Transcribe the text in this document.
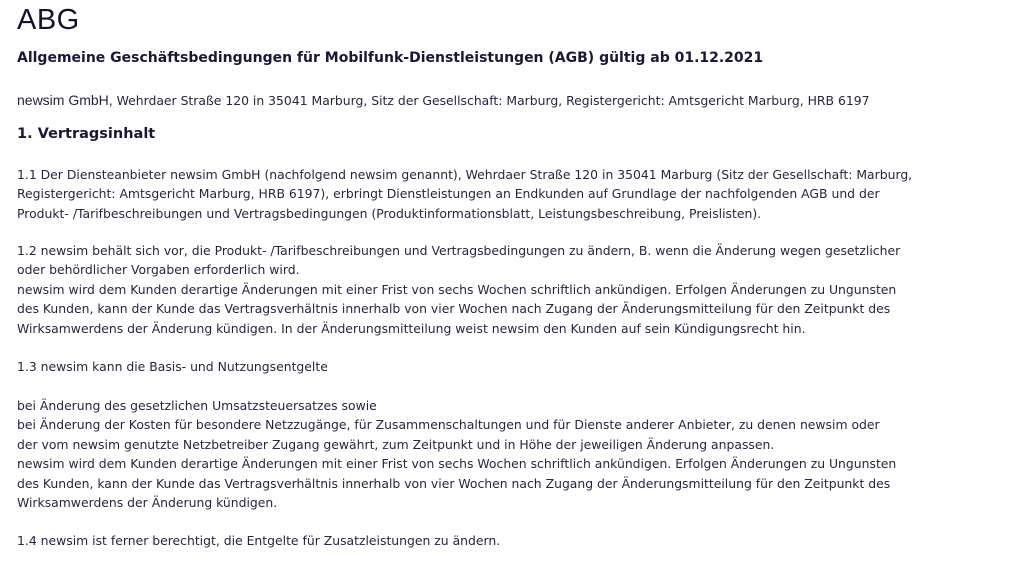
ABG
Allgemeine Geschäftsbedingungen für Mobilfunk-Dienstleistungen (AGB) gültig ab 01.12.2021
newsim GmbH, Wehrdaer Straße 120 in 35041 Marburg, Sitz der Gesellschaft: Marburg, Registergericht: Amtsgericht Marburg, HRB 6197
1. Vertragsinhalt
1.1 Der Diensteanbieter newsim GmbH (nachfolgend newsim genannt), Wehrdaer Straße 120 in 35041 Marburg (Sitz der Gesellschaft: Marburg,
Registergericht: Amtsgericht Marburg, HRB 6197), erbringt Dienstleistungen an Endkunden auf Grundlage der nachfolgenden AGB und der
Produkt- /Tarifbeschreibungen und Vertragsbedingungen (Produktinformationsblatt, Leistungsbeschreibung, Preislisten).
1.2 newsim behält sich vor, die Produkt- /Tarifbeschreibungen und Vertragsbedingungen zu ändern, B. wenn die Änderung wegen gesetzlicher
oder behördlicher Vorgaben erforderlich wird.
newsim wird dem Kunden derartige Änderungen mit einer Frist von sechs Wochen schriftlich ankündigen. Erfolgen Änderungen zu Ungunsten
des Kunden, kann der Kunde das Vertragsverhältnis innerhalb von vier Wochen nach Zugang der Änderungsmitteilung für den Zeitpunkt des
Wirksamwerdens der Änderung kündigen. In der Änderungsmitteilung weist newsim den Kunden auf sein Kündigungsrecht hin.
1.3 newsim kann die Basis- und Nutzungsentgelte
bei Änderung des gesetzlichen Umsatzsteuersatzes sowie
bei Änderung der Kosten für besondere Netzzugänge, für Zusammenschaltungen und für Dienste anderer Anbieter, zu denen newsim oder
der vom newsim genutzte Netzbetreiber Zugang gewährt, zum Zeitpunkt und in Höhe der jeweiligen Änderung anpassen.
newsim wird dem Kunden derartige Änderungen mit einer Frist von sechs Wochen schriftlich ankündigen. Erfolgen Änderungen zu Ungunsten
des Kunden, kann der Kunde das Vertragsverhältnis innerhalb von vier Wochen nach Zugang der Änderungsmitteilung für den Zeitpunkt des
Wirksamwerdens der Änderung kündigen.
1.4 newsim ist ferner berechtigt, die Entgelte für Zusatzleistungen zu ändern.
